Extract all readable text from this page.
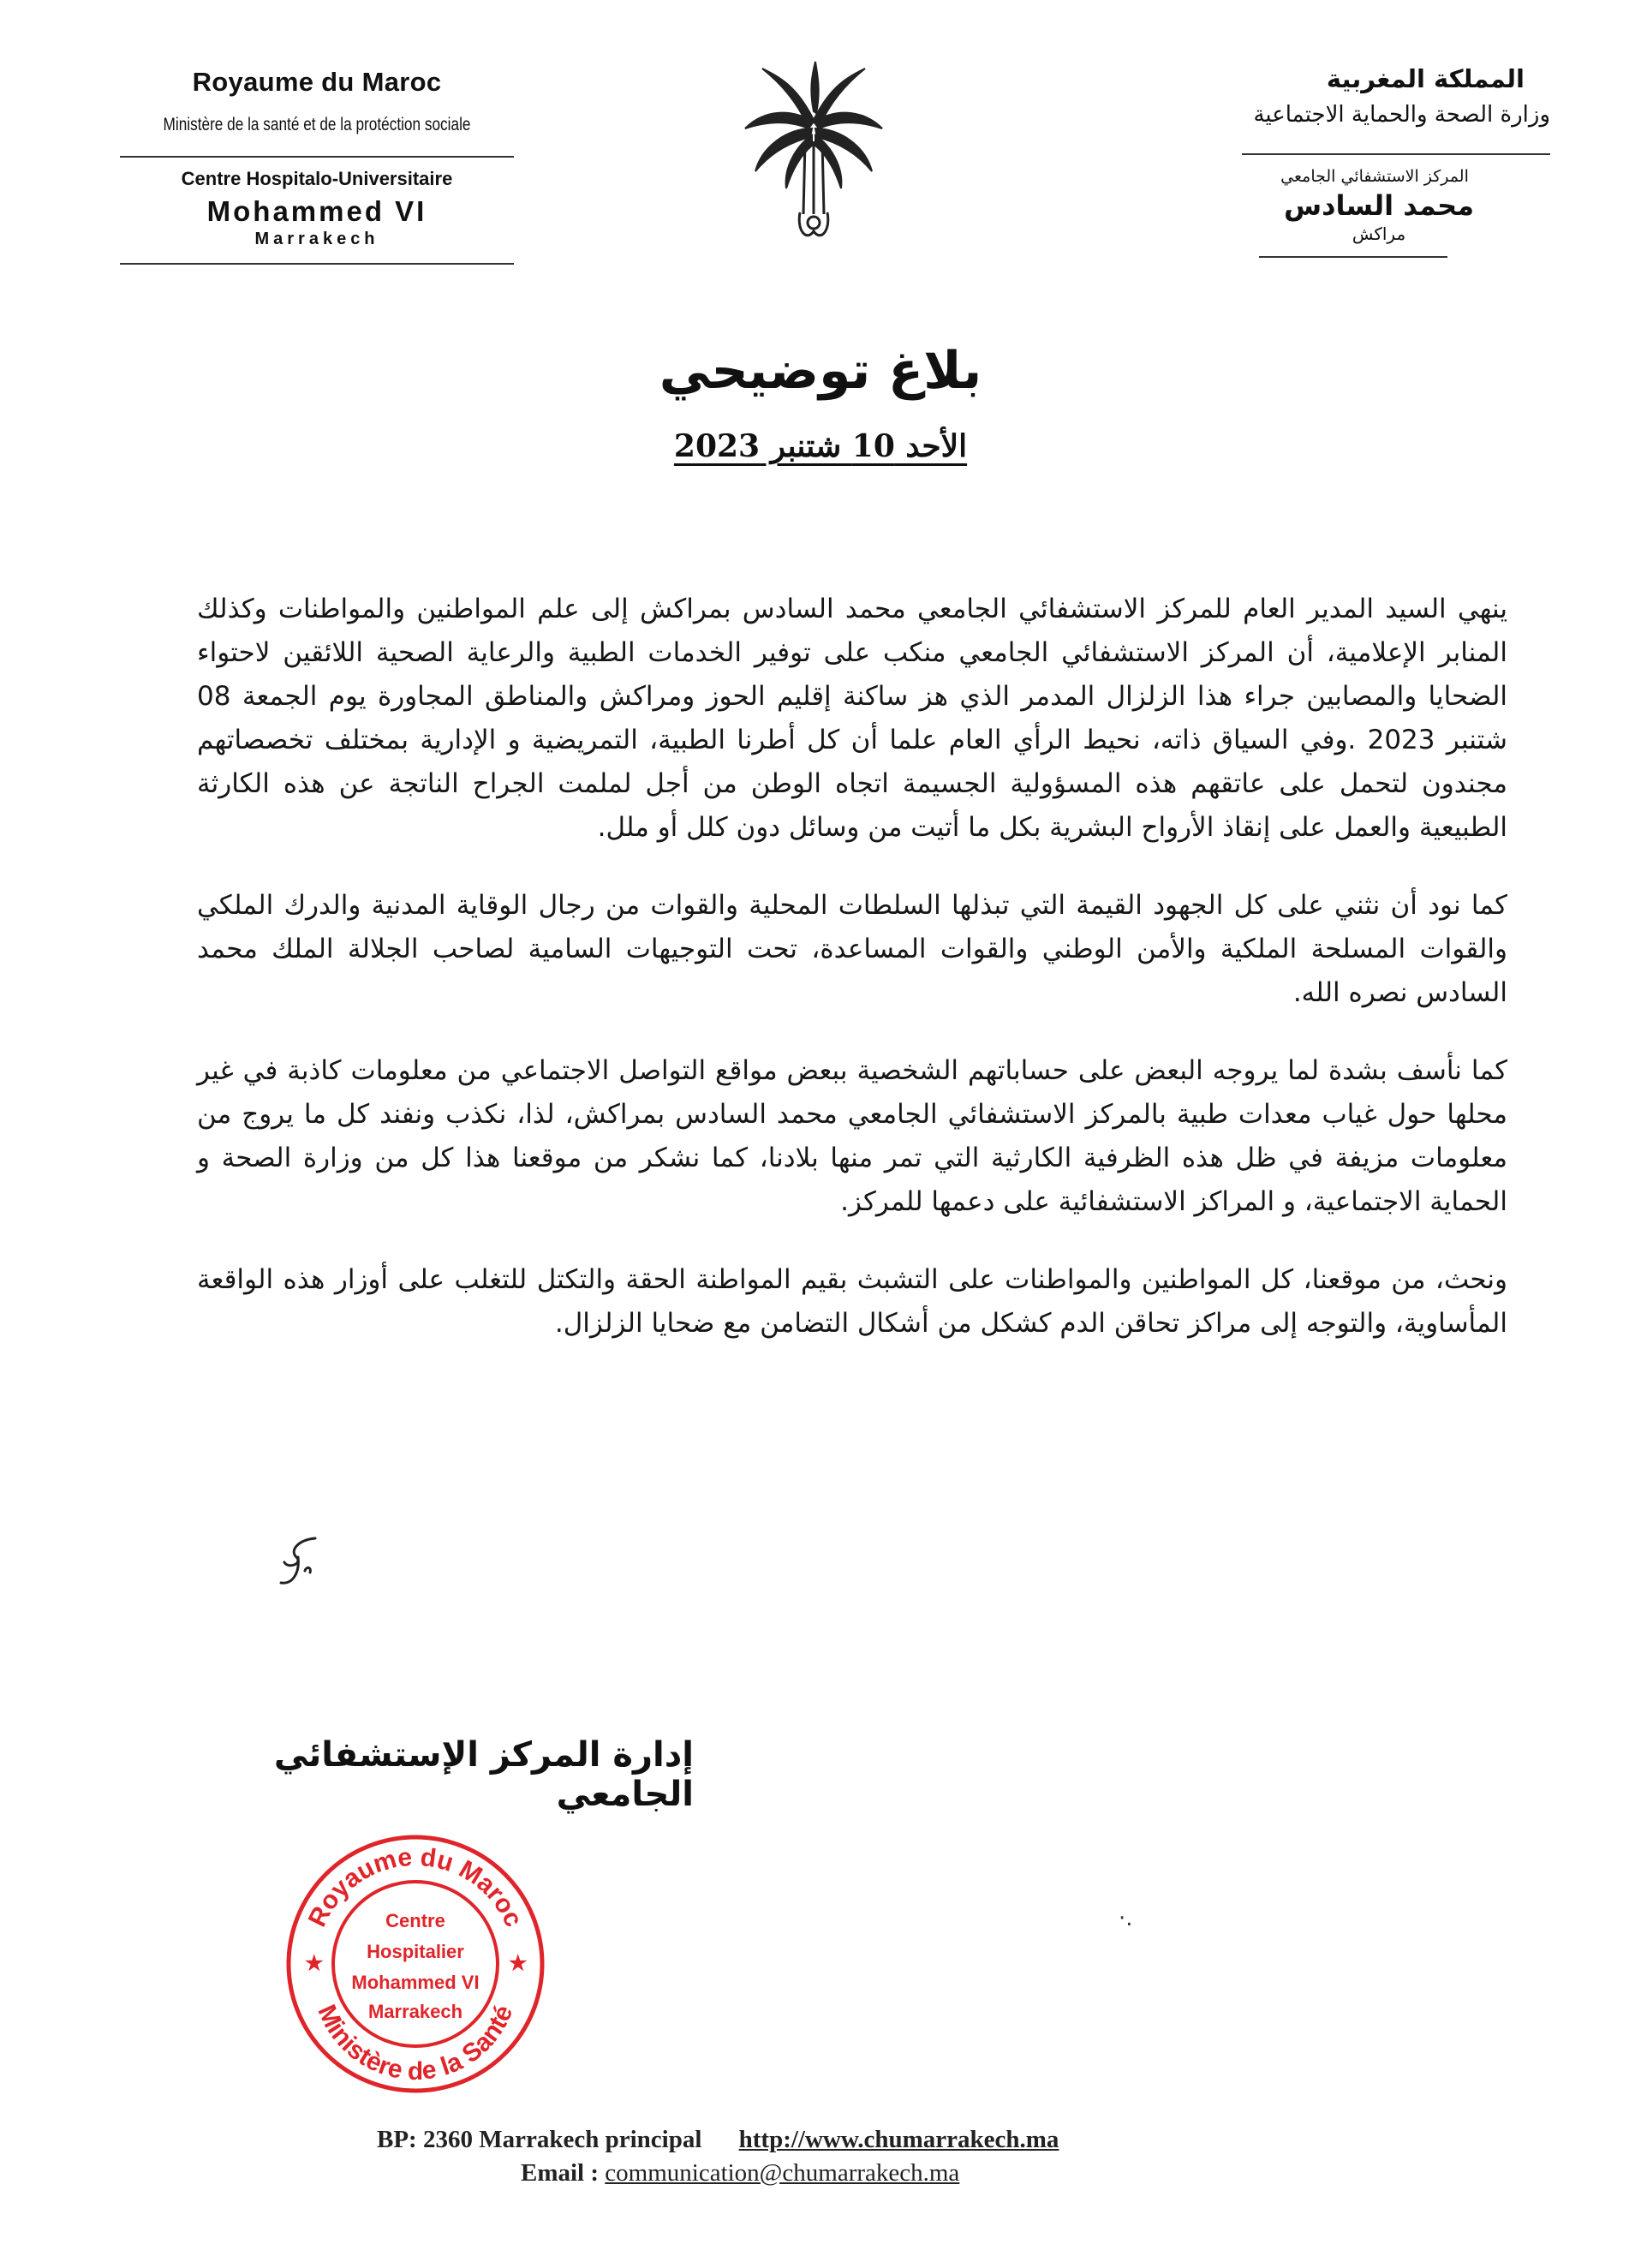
Royaume du Maroc
Ministère de la santé et de la protéction sociale
Centre Hospitalo-Universitaire
Mohammed VI
Marrakech
المملكة المغربية
وزارة الصحة والحماية الاجتماعية
المركز الاستشفائي الجامعي
محمد السادس
مراكش
بلاغ توضيحي
الأحد 10 شتنبر 2023

ينهي السيد المدير العام للمركز الاستشفائي الجامعي محمد السادس بمراكش إلى علم المواطنين والمواطنات وكذلك المنابر الإعلامية، أن المركز الاستشفائي الجامعي منكب على توفير الخدمات الطبية والرعاية الصحية اللائقين لاحتواء الضحايا والمصابين جراء هذا الزلزال المدمر الذي هز ساكنة إقليم الحوز ومراكش والمناطق المجاورة يوم الجمعة 08 شتنبر 2023 .وفي السياق ذاته، نحيط الرأي العام علما أن كل أطرنا الطبية، التمريضية و الإدارية بمختلف تخصصاتهم مجندون لتحمل على عاتقهم هذه المسؤولية الجسيمة اتجاه الوطن من أجل لملمت الجراح الناتجة عن هذه الكارثة الطبيعية والعمل على إنقاذ الأرواح البشرية بكل ما أتيت من وسائل دون كلل أو ملل.

كما نود أن نثني على كل الجهود القيمة التي تبذلها السلطات المحلية والقوات من رجال الوقاية المدنية والدرك الملكي والقوات المسلحة الملكية والأمن الوطني والقوات المساعدة، تحت التوجيهات السامية لصاحب الجلالة الملك محمد السادس نصره الله.

كما نأسف بشدة لما يروجه البعض على حساباتهم الشخصية ببعض مواقع التواصل الاجتماعي من معلومات كاذبة في غير محلها حول غياب معدات طبية بالمركز الاستشفائي الجامعي محمد السادس بمراكش، لذا، نكذب ونفند كل ما يروج من معلومات مزيفة في ظل هذه الظرفية الكارثية التي تمر منها بلادنا، كما نشكر من موقعنا هذا كل من وزارة الصحة و الحماية الاجتماعية، و المراكز الاستشفائية على دعمها للمركز.

ونحث، من موقعنا، كل المواطنين والمواطنات على التشبث بقيم المواطنة الحقة والتكتل للتغلب على أوزار هذه الواقعة المأساوية، والتوجه إلى مراكز تحاقن الدم كشكل من أشكال التضامن مع ضحايا الزلزال.

إدارة المركز الإستشفائي الجامعي
·.
Royaume du Maroc
Ministère de la Santé
★	★
Centre
Hospitalier
Mohammed VI
Marrakech
BP: 2360 Marrakech principal http://www.chumarrakech.ma
Email : communication@chumarrakech.ma
